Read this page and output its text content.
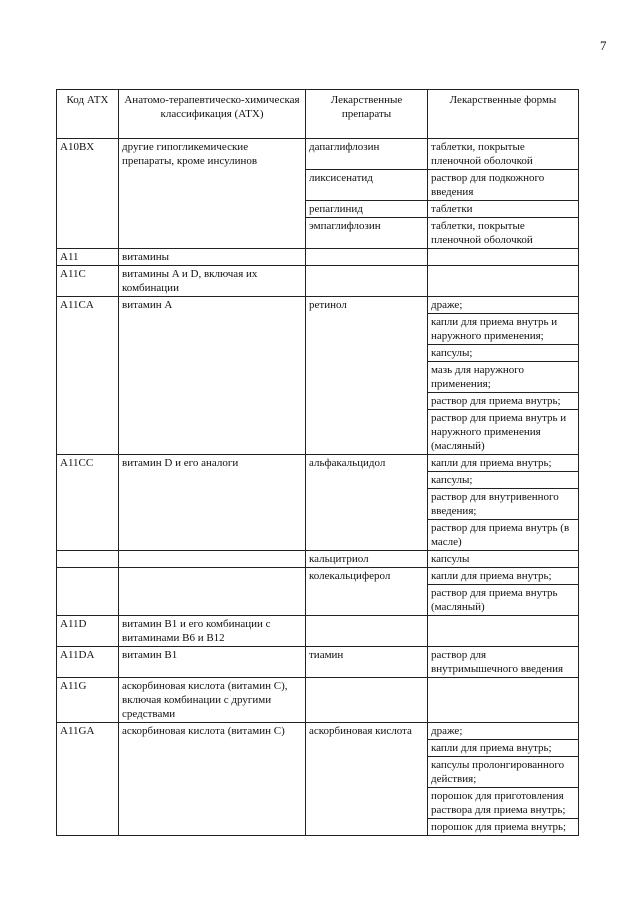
7
Код АТХ	Анатомо-терапевтическо-химическая классификация (АТХ)	Лекарственные препараты	Лекарственные формы
A10BX	другие гипогликемические препараты, кроме инсулинов	дапаглифлозин	таблетки, покрытые пленочной оболочкой
		ликсисенатид	раствор для подкожного введения
		репаглинид	таблетки
		эмпаглифлозин	таблетки, покрытые пленочной оболочкой
A11	витамины		
A11C	витамины A и D, включая их комбинации		
A11CA	витамин A	ретинол	драже;
			капли для приема внутрь и наружного применения;
			капсулы;
			мазь для наружного применения;
			раствор для приема внутрь;
			раствор для приема внутрь и наружного применения (масляный)
A11CC	витамин D и его аналоги	альфакальцидол	капли для приема внутрь;
			капсулы;
			раствор для внутривенного введения;
			раствор для приема внутрь (в масле)
		кальцитриол	капсулы
		колекальциферол	капли для приема внутрь;
			раствор для приема внутрь (масляный)
A11D	витамин B1 и его комбинации с витаминами B6 и B12		
A11DA	витамин B1	тиамин	раствор для внутримышечного введения
A11G	аскорбиновая кислота (витамин C), включая комбинации с другими средствами		
A11GA	аскорбиновая кислота (витамин C)	аскорбиновая кислота	драже;
			капли для приема внутрь;
			капсулы пролонгированного действия;
			порошок для приготовления раствора для приема внутрь;
			порошок для приема внутрь;
